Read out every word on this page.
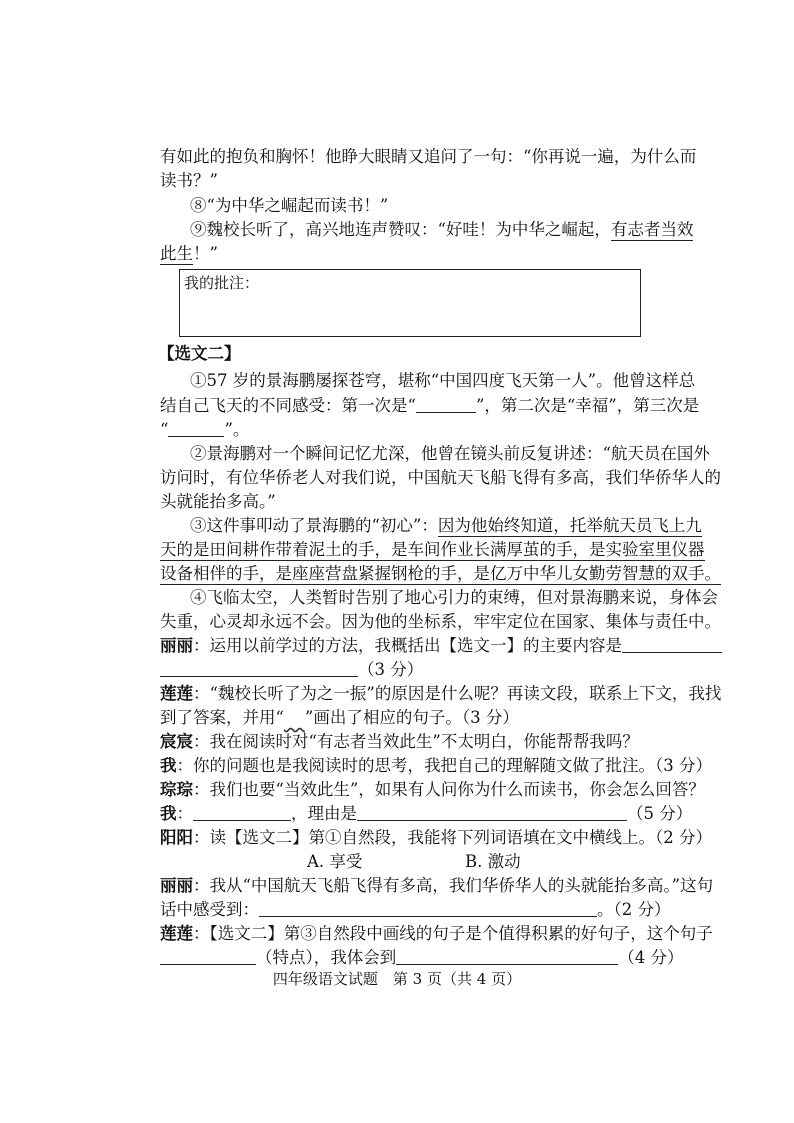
有如此的抱负和胸怀！他睁大眼睛又追问了一句：“你再说一遍，为什么而
读书？”
⑧“为中华之崛起而读书！”
⑨魏校长听了，高兴地连声赞叹：“好哇！为中华之崛起，有志者当效
此生！”
我的批注：
【选文二】
①57 岁的景海鹏屡探苍穹，堪称“中国四度飞天第一人”。他曾这样总
结自己飞天的不同感受：第一次是“	”，第二次是“幸福”，第三次是
“	”。
②景海鹏对一个瞬间记忆尤深，他曾在镜头前反复讲述：“航天员在国外
访问时，有位华侨老人对我们说，中国航天飞船飞得有多高，我们华侨华人的
头就能抬多高。”
③这件事叩动了景海鹏的“初心”：因为他始终知道，托举航天员飞上九
天的是田间耕作带着泥土的手，是车间作业长满厚茧的手，是实验室里仪器
设备相伴的手，是座座营盘紧握钢枪的手，是亿万中华儿女勤劳智慧的双手。
④飞临太空，人类暂时告别了地心引力的束缚，但对景海鹏来说，身体会
失重，心灵却永远不会。因为他的坐标系，牢牢定位在国家、集体与责任中。
丽丽：运用以前学过的方法，我概括出【选文一】的主要内容是
（3 分）
莲莲：“魏校长听了为之一振”的原因是什么呢？再读文段，联系上下文，我找
到了答案，并用“ ”画出了相应的句子。（3 分）
宸宸：我在阅读时对“有志者当效此生”不太明白，你能帮帮我吗？
我：你的问题也是我阅读时的思考，我把自己的理解随文做了批注。（3 分）
琮琮：我们也要“当效此生”，如果有人问你为什么而读书，你会怎么回答？
我：	，理由是	（5 分）
阳阳：读【选文二】第①自然段，我能将下列词语填在文中横线上。（2 分）
A. 享受	B. 激动
丽丽：我从“中国航天飞船飞得有多高，我们华侨华人的头就能抬多高。”这句
话中感受到：	。（2 分）
莲莲：【选文二】第③自然段中画线的句子是个值得积累的好句子，这个句子
（特点），我体会到	（4 分）
四年级语文试题　第 3 页（共 4 页）
